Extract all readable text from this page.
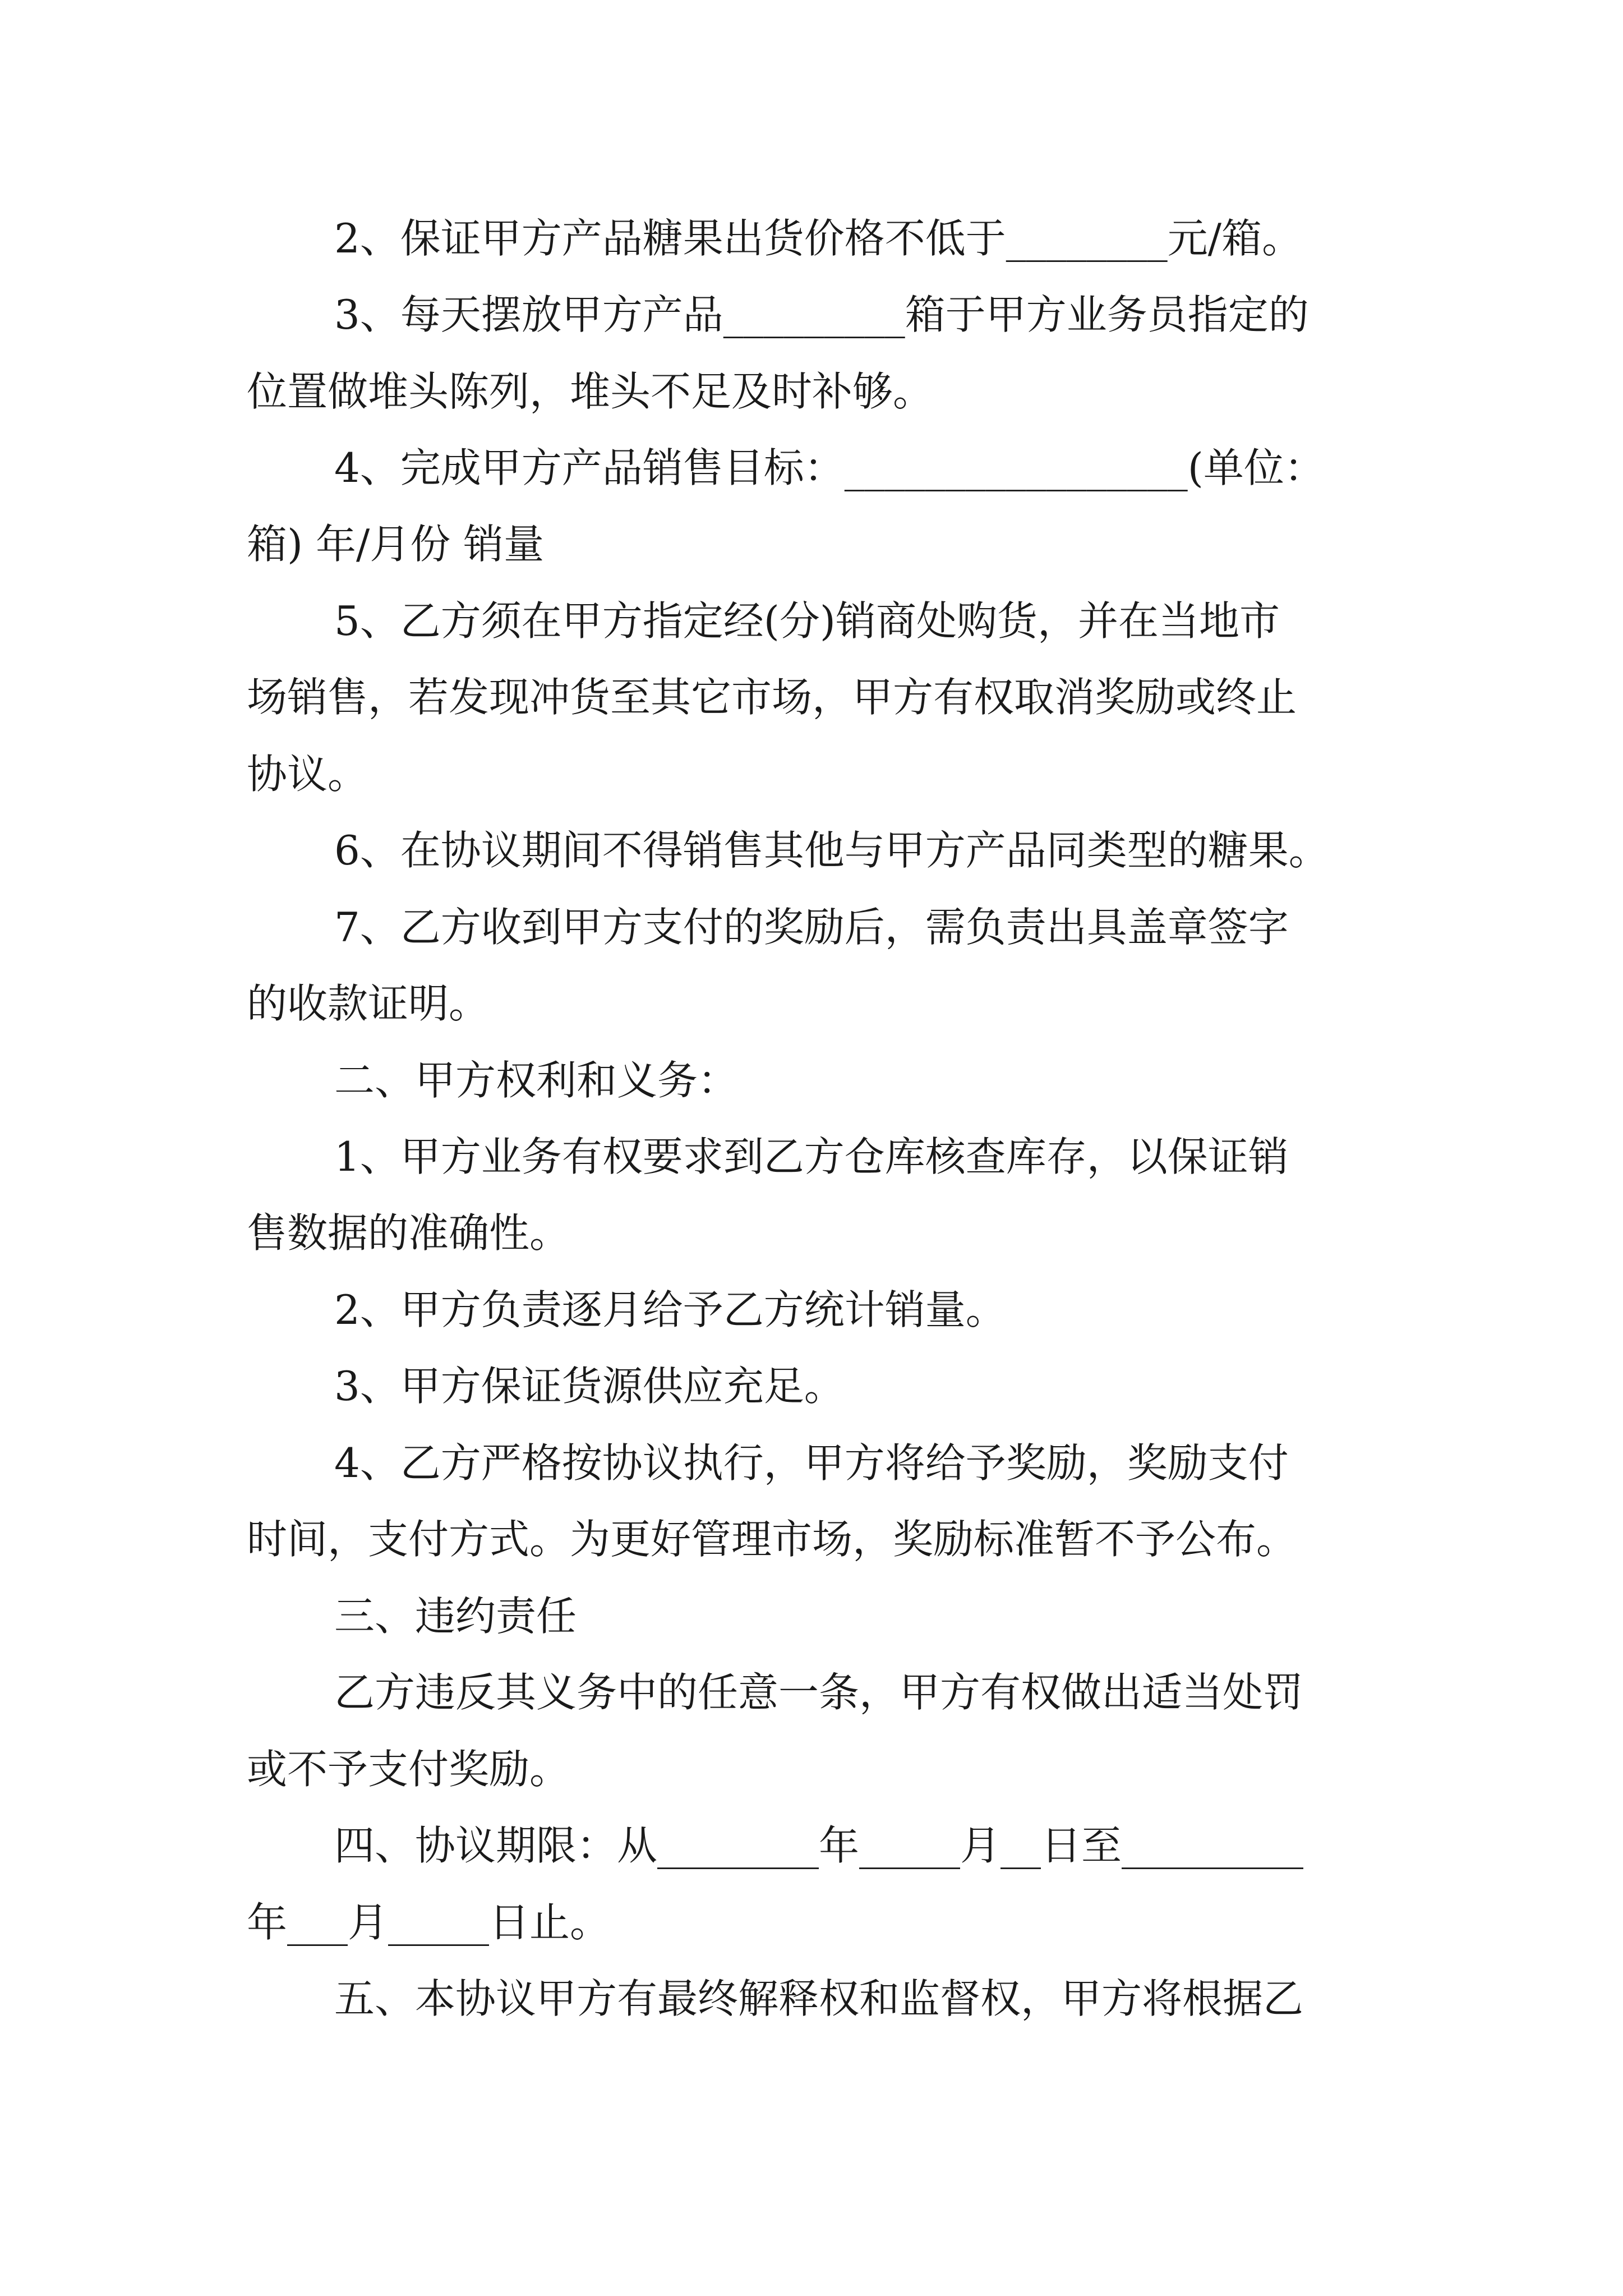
2、保证甲方产品糖果出货价格不低于________元/箱。
3、每天摆放甲方产品_________箱于甲方业务员指定的
位置做堆头陈列，堆头不足及时补够。
4、完成甲方产品销售目标：_________________(单位：
箱) 年/月份 销量
5、乙方须在甲方指定经(分)销商处购货，并在当地市
场销售，若发现冲货至其它市场，甲方有权取消奖励或终止
协议。
6、在协议期间不得销售其他与甲方产品同类型的糖果。
7、乙方收到甲方支付的奖励后，需负责出具盖章签字
的收款证明。
二、甲方权利和义务：
1、甲方业务有权要求到乙方仓库核查库存，以保证销
售数据的准确性。
2、甲方负责逐月给予乙方统计销量。
3、甲方保证货源供应充足。
4、乙方严格按协议执行，甲方将给予奖励，奖励支付
时间，支付方式。为更好管理市场，奖励标准暂不予公布。
三、违约责任
乙方违反其义务中的任意一条，甲方有权做出适当处罚
或不予支付奖励。
四、协议期限：从________年_____月__日至_________
年___月_____日止。
五、本协议甲方有最终解释权和监督权，甲方将根据乙
